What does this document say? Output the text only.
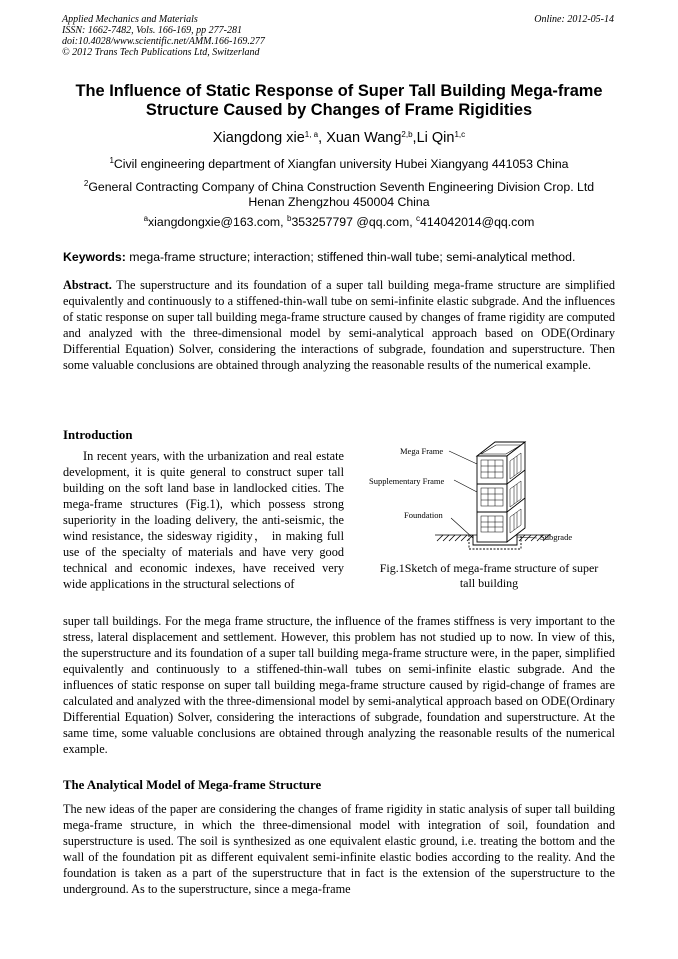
Applied Mechanics and Materials
ISSN: 1662-7482, Vols. 166-169, pp 277-281
doi:10.4028/www.scientific.net/AMM.166-169.277
© 2012 Trans Tech Publications Ltd, Switzerland
Online: 2012-05-14
The Influence of Static Response of Super Tall Building Mega-frame
Structure Caused by Changes of Frame Rigidities
Xiangdong xie$^{1, a}$, Xuan Wang$^{2,b}$,Li Qin$^{1,c}$
$^1$Civil engineering department of Xiangfan university Hubei Xiangyang 441053 China
$^2$General Contracting Company of China Construction Seventh Engineering Division Crop. Ltd
Henan Zhengzhou 450004 China
$^a$xiangdongxie@163.com, $^b$353257797 @qq.com, $^c$414042014@qq.com
Keywords: mega-frame structure; interaction; stiffened thin-wall tube; semi-analytical method.
Abstract. The superstructure and its foundation of a super tall building mega-frame structure are simplified equivalently and continuously to a stiffened-thin-wall tube on semi-infinite elastic subgrade. And the influences of static response on super tall building mega-frame structure caused by changes of frame rigidity are computed and analyzed with the three-dimensional model by semi-analytical approach based on ODE(Ordinary Differential Equation) Solver, considering the interactions of subgrade, foundation and superstructure. Then some valuable conclusions are obtained through analyzing the reasonable results of the numerical example.
Introduction
In recent years, with the urbanization and real estate development, it is quite general to construct super tall building on the soft land base in landlocked cities. The mega-frame structures (Fig.1), which possess strong superiority in the loading delivery, the anti-seismic, the wind resistance, the sidesway rigidity， in making full use of the specialty of materials and have very good technical and economic indexes, have received very wide applications in the structural selections of
Mega Frame
Supplementary Frame
Foundation
Subgrade
Fig.1Sketch of mega-frame structure of super
tall building
super tall buildings. For the mega frame structure, the influence of the frames stiffness is very important to the stress, lateral displacement and settlement. However, this problem has not studied up to now. In view of this, the superstructure and its foundation of a super tall building mega-frame structure were, in the paper, simplified equivalently and continuously to a stiffened-thin-wall tubes on semi-infinite elastic subgrade. And the influences of static response on super tall building mega-frame structure caused by rigid-change of frames are calculated and analyzed with the three-dimensional model by semi-analytical approach based on ODE(Ordinary Differential Equation) Solver, considering the interactions of subgrade, foundation and superstructure. At the same time, some valuable conclusions are obtained through analyzing the reasonable results of the numerical example.
The Analytical Model of Mega-frame Structure
The new ideas of the paper are considering the changes of frame rigidity in static analysis of super tall building mega-frame structure, in which the three-dimensional model with integration of soil, foundation and superstructure is used. The soil is synthesized as one equivalent elastic ground, i.e. treating the bottom and the wall of the foundation pit as different equivalent semi-infinite elastic bodies according to the reality. And the foundation is taken as a part of the superstructure that in fact is the extension of the superstructure to the underground. As to the superstructure, since a mega-frame
